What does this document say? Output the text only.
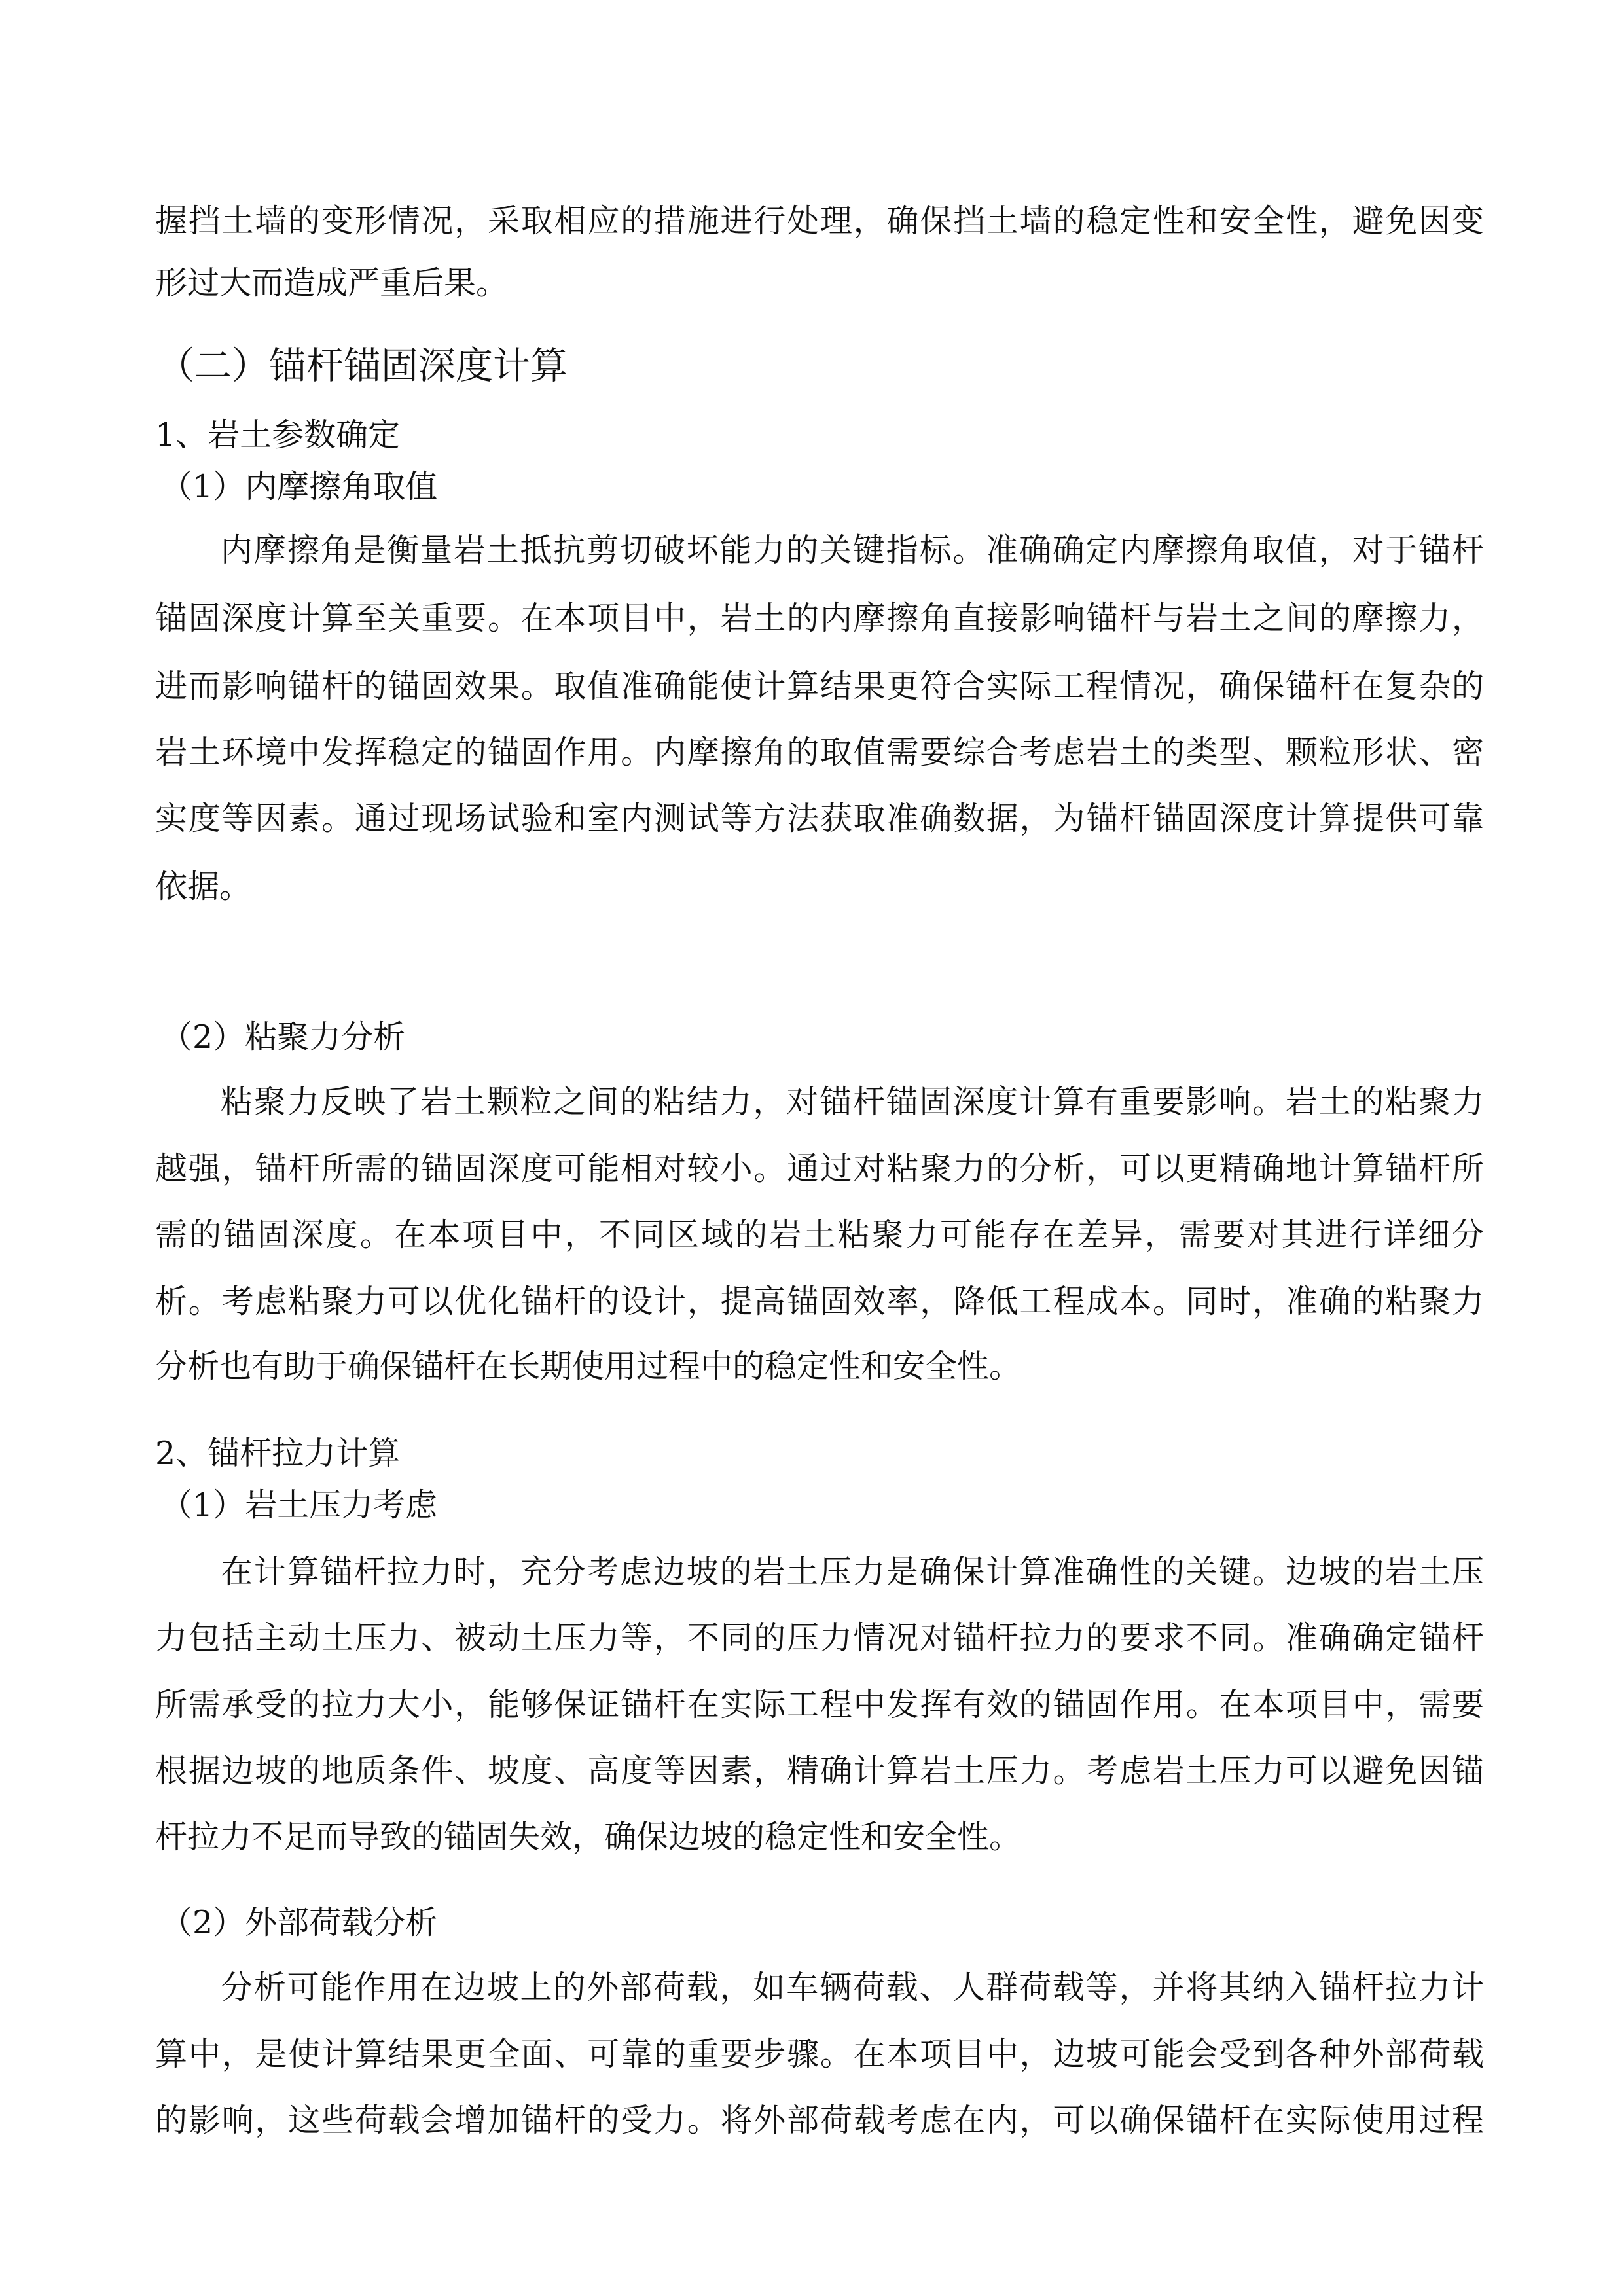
握挡土墙的变形情况，采取相应的措施进行处理，确保挡土墙的稳定性和安全性，避免因变
形过大而造成严重后果。
（二）锚杆锚固深度计算
1、岩土参数确定
（1）内摩擦角取值
内摩擦角是衡量岩土抵抗剪切破坏能力的关键指标。准确确定内摩擦角取值，对于锚杆
锚固深度计算至关重要。在本项目中，岩土的内摩擦角直接影响锚杆与岩土之间的摩擦力，
进而影响锚杆的锚固效果。取值准确能使计算结果更符合实际工程情况，确保锚杆在复杂的
岩土环境中发挥稳定的锚固作用。内摩擦角的取值需要综合考虑岩土的类型、颗粒形状、密
实度等因素。通过现场试验和室内测试等方法获取准确数据，为锚杆锚固深度计算提供可靠
依据。
（2）粘聚力分析
粘聚力反映了岩土颗粒之间的粘结力，对锚杆锚固深度计算有重要影响。岩土的粘聚力
越强，锚杆所需的锚固深度可能相对较小。通过对粘聚力的分析，可以更精确地计算锚杆所
需的锚固深度。在本项目中，不同区域的岩土粘聚力可能存在差异，需要对其进行详细分
析。考虑粘聚力可以优化锚杆的设计，提高锚固效率，降低工程成本。同时，准确的粘聚力
分析也有助于确保锚杆在长期使用过程中的稳定性和安全性。
2、锚杆拉力计算
（1）岩土压力考虑
在计算锚杆拉力时，充分考虑边坡的岩土压力是确保计算准确性的关键。边坡的岩土压
力包括主动土压力、被动土压力等，不同的压力情况对锚杆拉力的要求不同。准确确定锚杆
所需承受的拉力大小，能够保证锚杆在实际工程中发挥有效的锚固作用。在本项目中，需要
根据边坡的地质条件、坡度、高度等因素，精确计算岩土压力。考虑岩土压力可以避免因锚
杆拉力不足而导致的锚固失效，确保边坡的稳定性和安全性。
（2）外部荷载分析
分析可能作用在边坡上的外部荷载，如车辆荷载、人群荷载等，并将其纳入锚杆拉力计
算中，是使计算结果更全面、可靠的重要步骤。在本项目中，边坡可能会受到各种外部荷载
的影响，这些荷载会增加锚杆的受力。将外部荷载考虑在内，可以确保锚杆在实际使用过程
